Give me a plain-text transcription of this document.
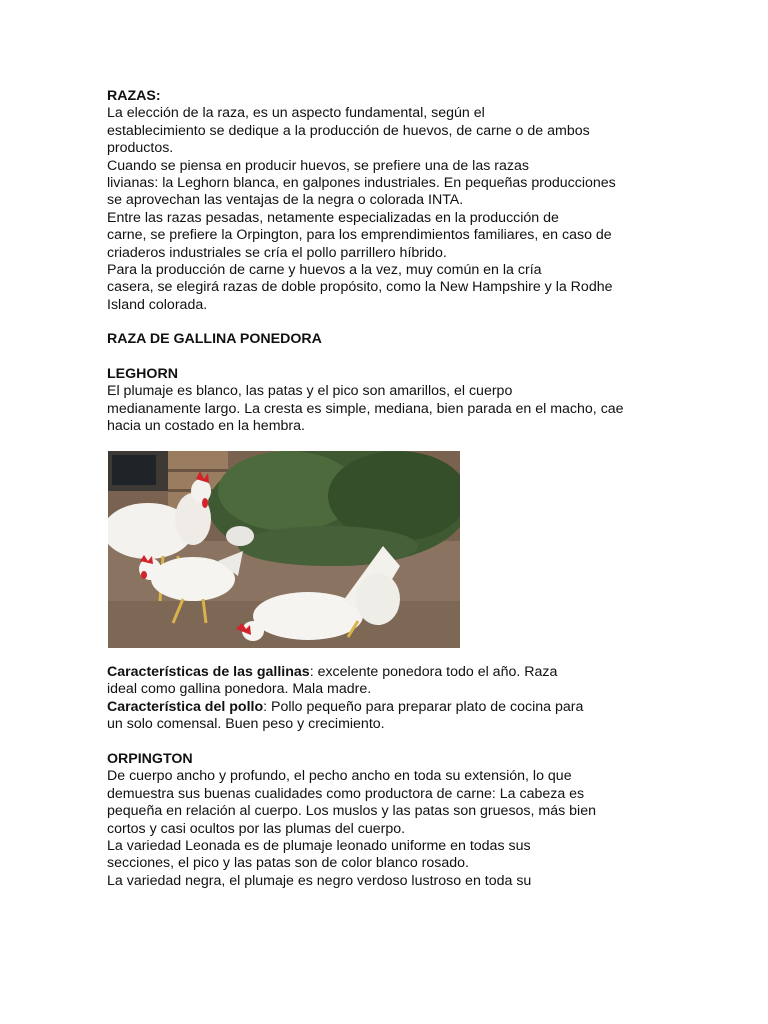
RAZAS:
La elección de la raza, es un aspecto fundamental, según el
establecimiento se dedique a la producción de huevos, de carne o de ambos
productos.
Cuando se piensa en producir huevos, se prefiere una de las razas
livianas: la Leghorn blanca, en galpones industriales. En pequeñas producciones
se aprovechan las ventajas de la negra o colorada INTA.
Entre las razas pesadas, netamente especializadas en la producción de
carne, se prefiere la Orpington, para los emprendimientos familiares, en caso de
criaderos industriales se cría el pollo parrillero híbrido.
Para la producción de carne y huevos a la vez, muy común en la cría
casera, se elegirá razas de doble propósito, como la New Hampshire y la Rodhe
Island colorada.
RAZA DE GALLINA PONEDORA
LEGHORN
El plumaje es blanco, las patas y el pico son amarillos, el cuerpo
medianamente largo. La cresta es simple, mediana, bien parada en el macho, cae
hacia un costado en la hembra.
Características de las gallinas: excelente ponedora todo el año. Raza
ideal como gallina ponedora. Mala madre.
Característica del pollo: Pollo pequeño para preparar plato de cocina para
un solo comensal. Buen peso y crecimiento.
ORPINGTON
De cuerpo ancho y profundo, el pecho ancho en toda su extensión, lo que
demuestra sus buenas cualidades como productora de carne: La cabeza es
pequeña en relación al cuerpo. Los muslos y las patas son gruesos, más bien
cortos y casi ocultos por las plumas del cuerpo.
La variedad Leonada es de plumaje leonado uniforme en todas sus
secciones, el pico y las patas son de color blanco rosado.
La variedad negra, el plumaje es negro verdoso lustroso en toda su
